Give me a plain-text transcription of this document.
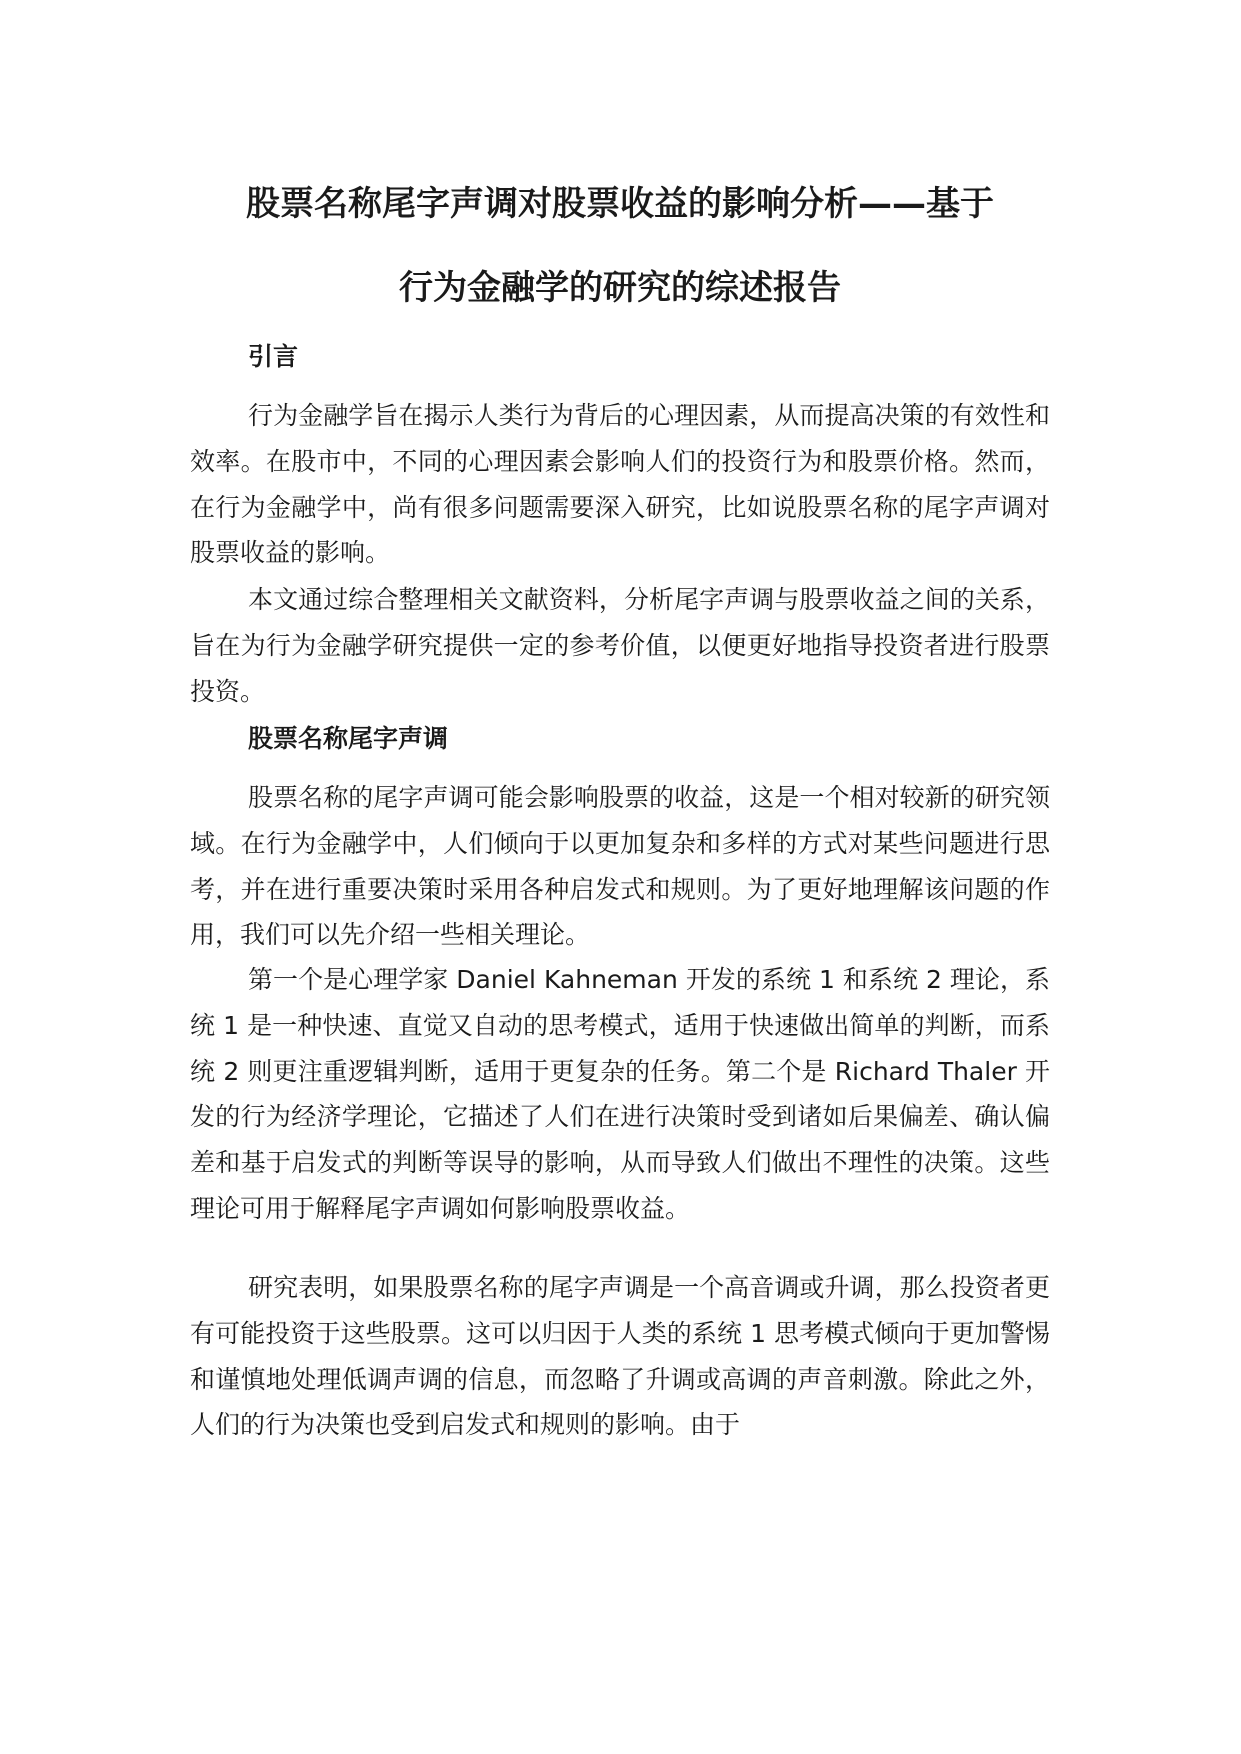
股票名称尾字声调对股票收益的影响分析——基于
行为金融学的研究的综述报告
引言

行为金融学旨在揭示人类行为背后的心理因素，从而提高决策的有效性和效率。在股市中，不同的心理因素会影响人们的投资行为和股票价格。然而，在行为金融学中，尚有很多问题需要深入研究，比如说股票名称的尾字声调对股票收益的影响。

本文通过综合整理相关文献资料，分析尾字声调与股票收益之间的关系，旨在为行为金融学研究提供一定的参考价值，以便更好地指导投资者进行股票投资。

股票名称尾字声调

股票名称的尾字声调可能会影响股票的收益，这是一个相对较新的研究领域。在行为金融学中，人们倾向于以更加复杂和多样的方式对某些问题进行思考，并在进行重要决策时采用各种启发式和规则。为了更好地理解该问题的作用，我们可以先介绍一些相关理论。

第一个是心理学家 Daniel Kahneman 开发的系统 1 和系统 2 理论，系统 1 是一种快速、直觉又自动的思考模式，适用于快速做出简单的判断，而系统 2 则更注重逻辑判断，适用于更复杂的任务。第二个是 Richard Thaler 开发的行为经济学理论，它描述了人们在进行决策时受到诸如后果偏差、确认偏差和基于启发式的判断等误导的影响，从而导致人们做出不理性的决策。这些理论可用于解释尾字声调如何影响股票收益。

研究表明，如果股票名称的尾字声调是一个高音调或升调，那么投资者更有可能投资于这些股票。这可以归因于人类的系统 1 思考模式倾向于更加警惕和谨慎地处理低调声调的信息，而忽略了升调或高调的声音刺激。除此之外，人们的行为决策也受到启发式和规则的影响。由于
